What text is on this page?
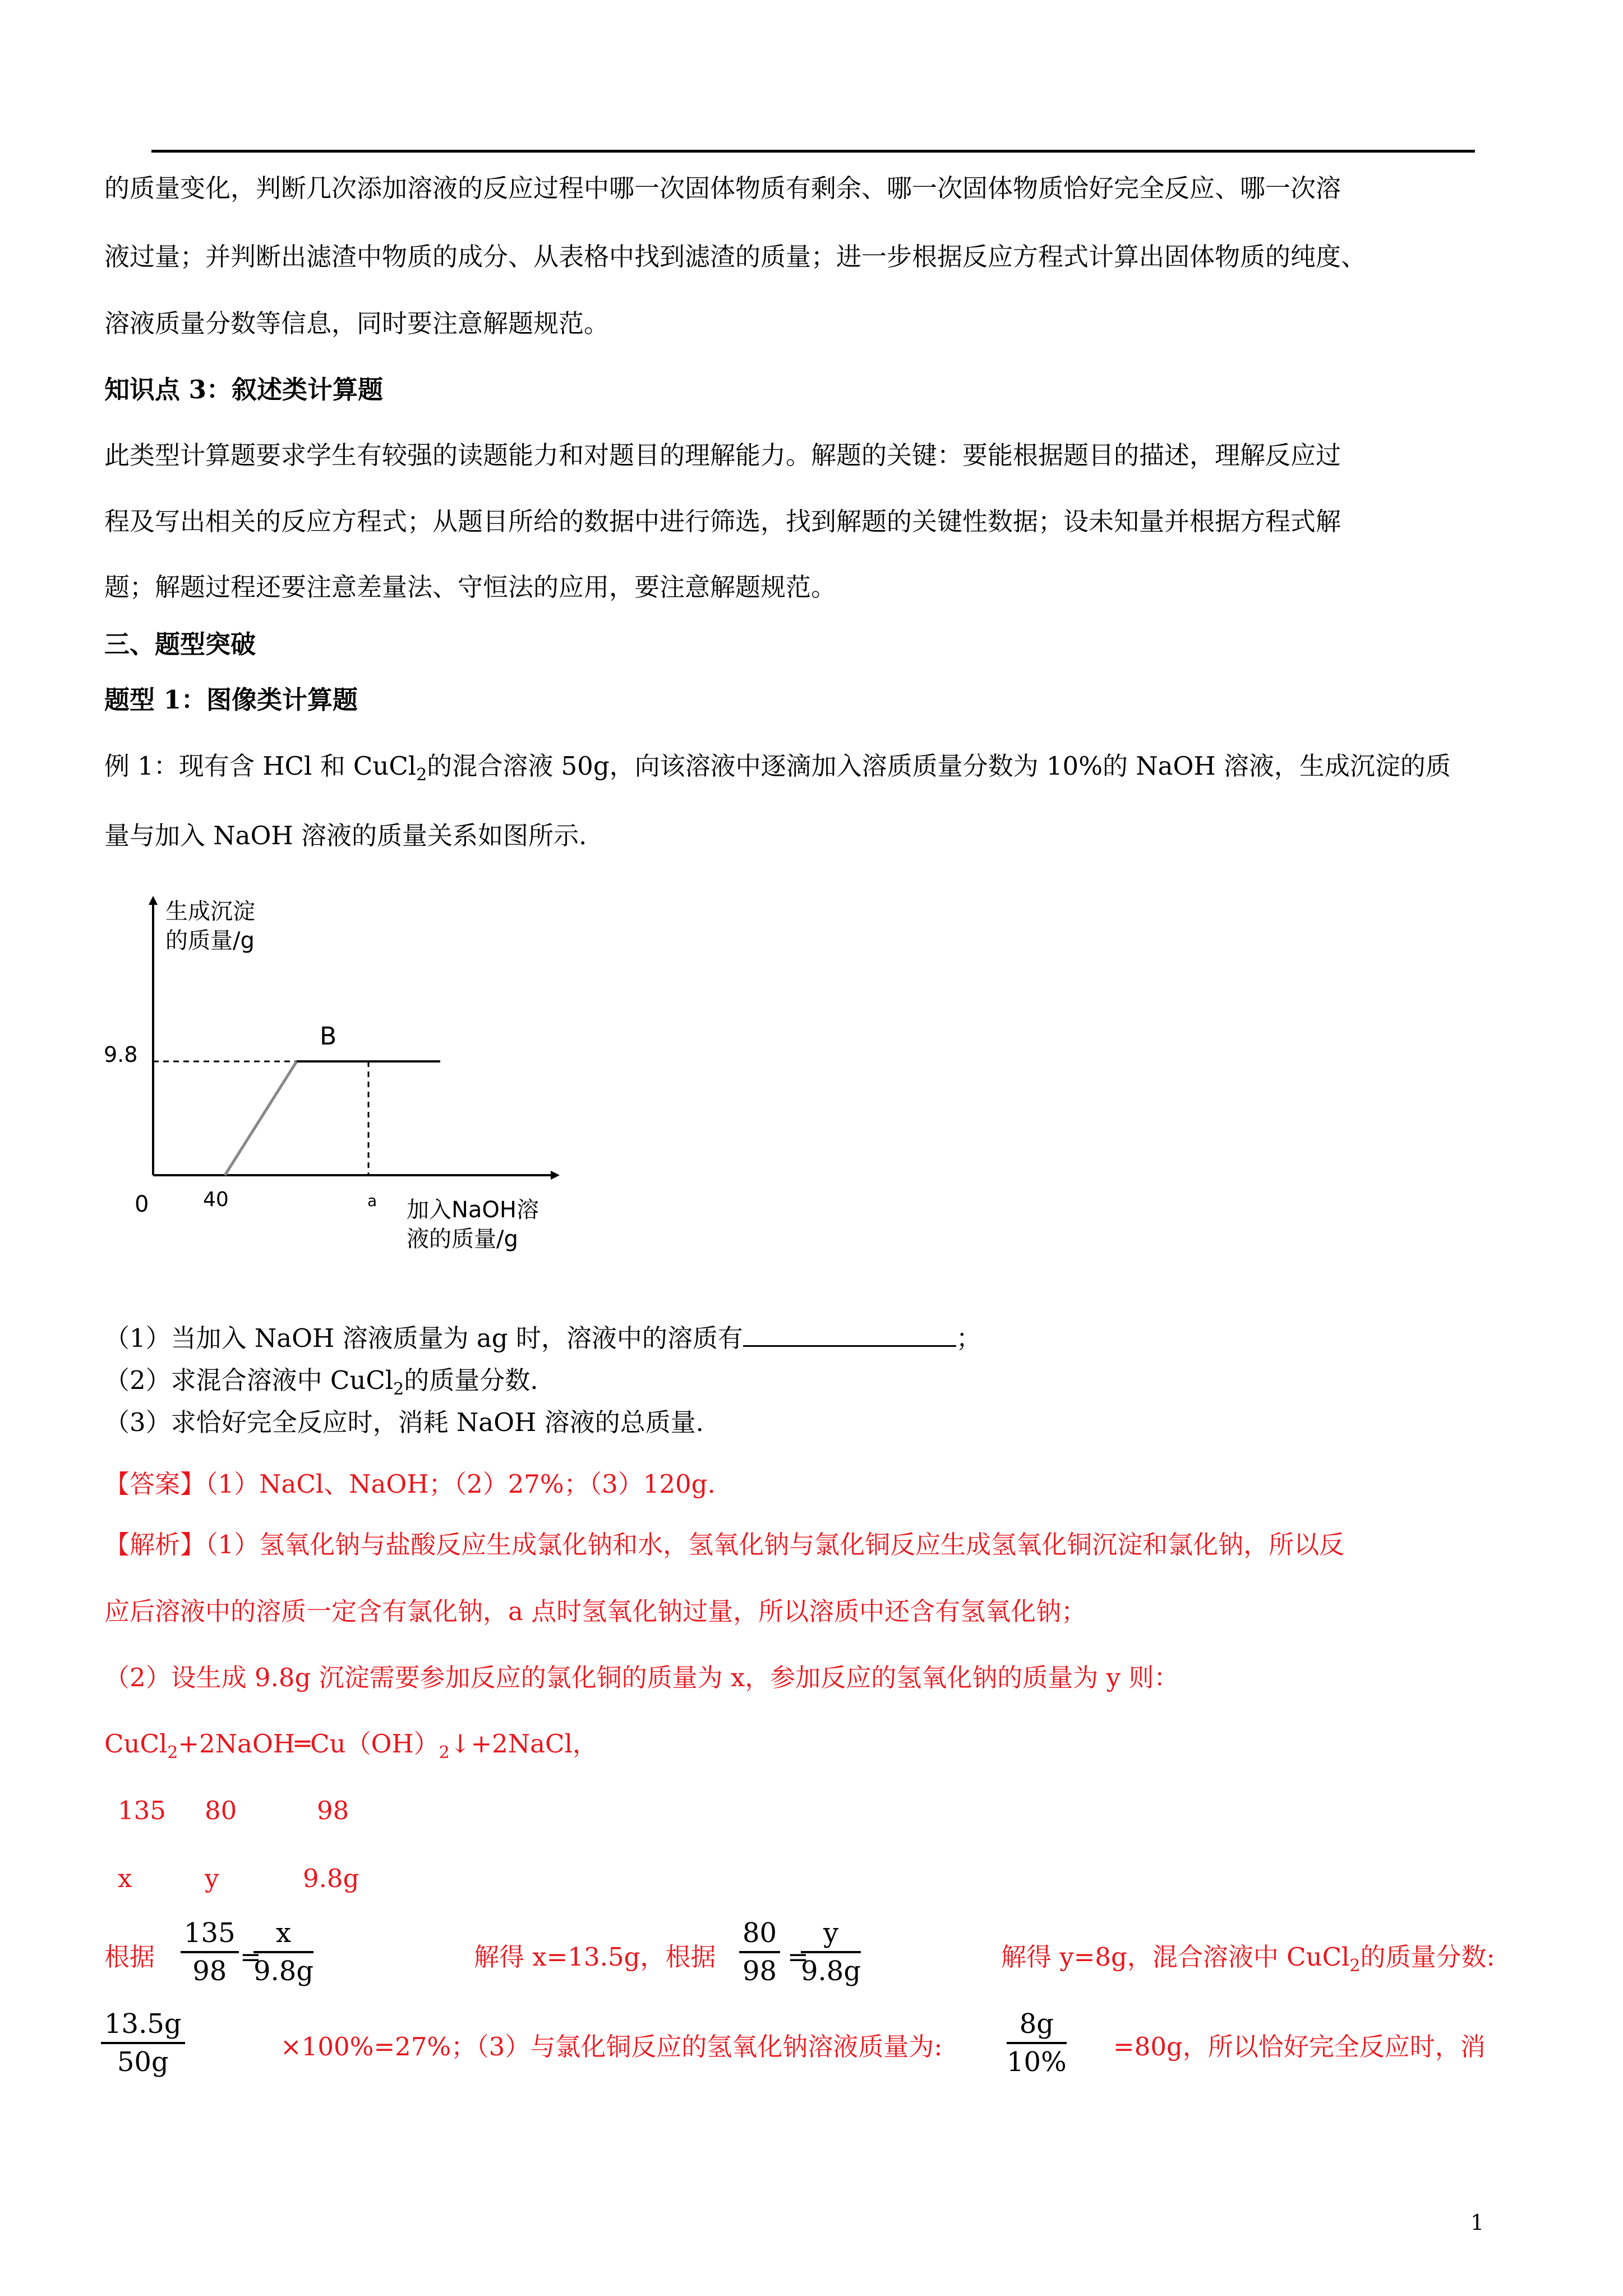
的质量变化，判断几次添加溶液的反应过程中哪一次固体物质有剩余、哪一次固体物质恰好完全反应、哪一次溶
液过量；并判断出滤渣中物质的成分、从表格中找到滤渣的质量；进一步根据反应方程式计算出固体物质的纯度、
溶液质量分数等信息，同时要注意解题规范。
知识点 3：叙述类计算题
此类型计算题要求学生有较强的读题能力和对题目的理解能力。解题的关键：要能根据题目的描述，理解反应过
程及写出相关的反应方程式；从题目所给的数据中进行筛选，找到解题的关键性数据；设未知量并根据方程式解
题；解题过程还要注意差量法、守恒法的应用，要注意解题规范。
三、题型突破
题型 1：图像类计算题
例 1：现有含 HCl 和 CuCl$_2$的混合溶液 50g，向该溶液中逐滴加入溶质质量分数为 10%的 NaOH 溶液，生成沉淀的质
量与加入 NaOH 溶液的质量关系如图所示.
生成沉淀
的质量/g
加入NaOH溶
液的质量/g
0	40	a
9.8
B
（1）当加入 NaOH 溶液质量为 ag 时，溶液中的溶质有	；
（2）求混合溶液中 CuCl$_2$的质量分数.
（3）求恰好完全反应时，消耗 NaOH 溶液的总质量.
【答案】（1）NaCl、NaOH；（2）27%；（3）120g.
【解析】（1）氢氧化钠与盐酸反应生成氯化钠和水，氢氧化钠与氯化铜反应生成氢氧化铜沉淀和氯化钠，所以反
应后溶液中的溶质一定含有氯化钠，a 点时氢氧化钠过量，所以溶质中还含有氢氧化钠；
（2）设生成 9.8g 沉淀需要参加反应的氯化铜的质量为 x，参加反应的氢氧化钠的质量为 y 则：
$CuCl_2+2NaOH═Cu(OH)_2↓+2NaCl$，
135 80	98
x	y	9.8g
根据 $\frac{135}{98}$ =
$\frac{x}{9.8g}$	解得 x=13.5g，根据 $\frac{80}{98}$ =
$\frac{y}{9.8g}$	解得 y=8g，混合溶液中 CuCl$_2$的质量分数:
$\frac{13.5g}{50g}$	×100%=27%；（3）与氯化铜反应的氢氧化钠溶液质量为: $\frac{8g}{10\%} =80g$，所以恰好完全反应时，消
1
